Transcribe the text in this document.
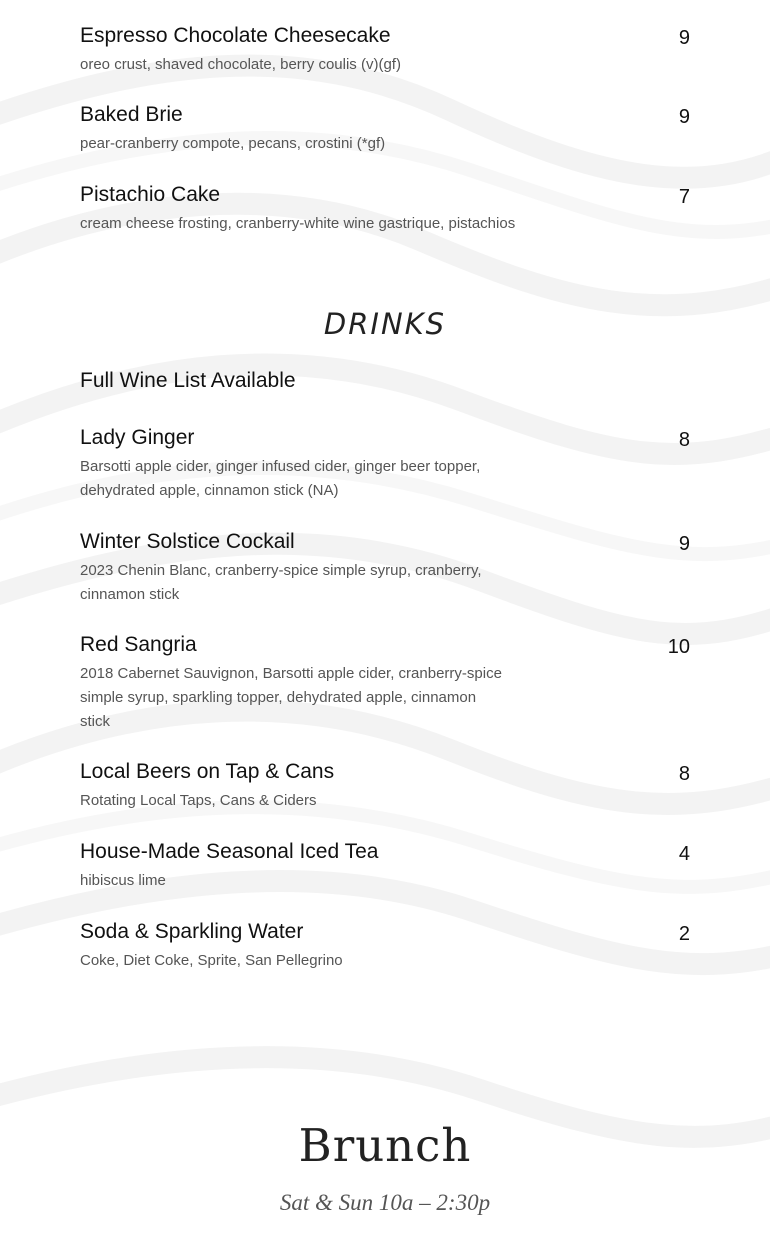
Espresso Chocolate Cheesecake	9
oreo crust, shaved chocolate, berry coulis (v)(gf)
Baked Brie	9
pear-cranberry compote, pecans, crostini (*gf)
Pistachio Cake	7
cream cheese frosting, cranberry-white wine gastrique, pistachios
DRINKS
Full Wine List Available
Lady Ginger	8
Barsotti apple cider, ginger infused cider, ginger beer topper, dehydrated apple, cinnamon stick (NA)
Winter Solstice Cockail	9
2023 Chenin Blanc, cranberry-spice simple syrup, cranberry, cinnamon stick
Red Sangria	10
2018 Cabernet Sauvignon, Barsotti apple cider, cranberry-spice simple syrup, sparkling topper, dehydrated apple, cinnamon stick
Local Beers on Tap & Cans	8
Rotating Local Taps, Cans & Ciders
House-Made Seasonal Iced Tea	4
hibiscus lime
Soda & Sparkling Water	2
Coke, Diet Coke, Sprite, San Pellegrino
Brunch
Sat & Sun 10a – 2:30p
